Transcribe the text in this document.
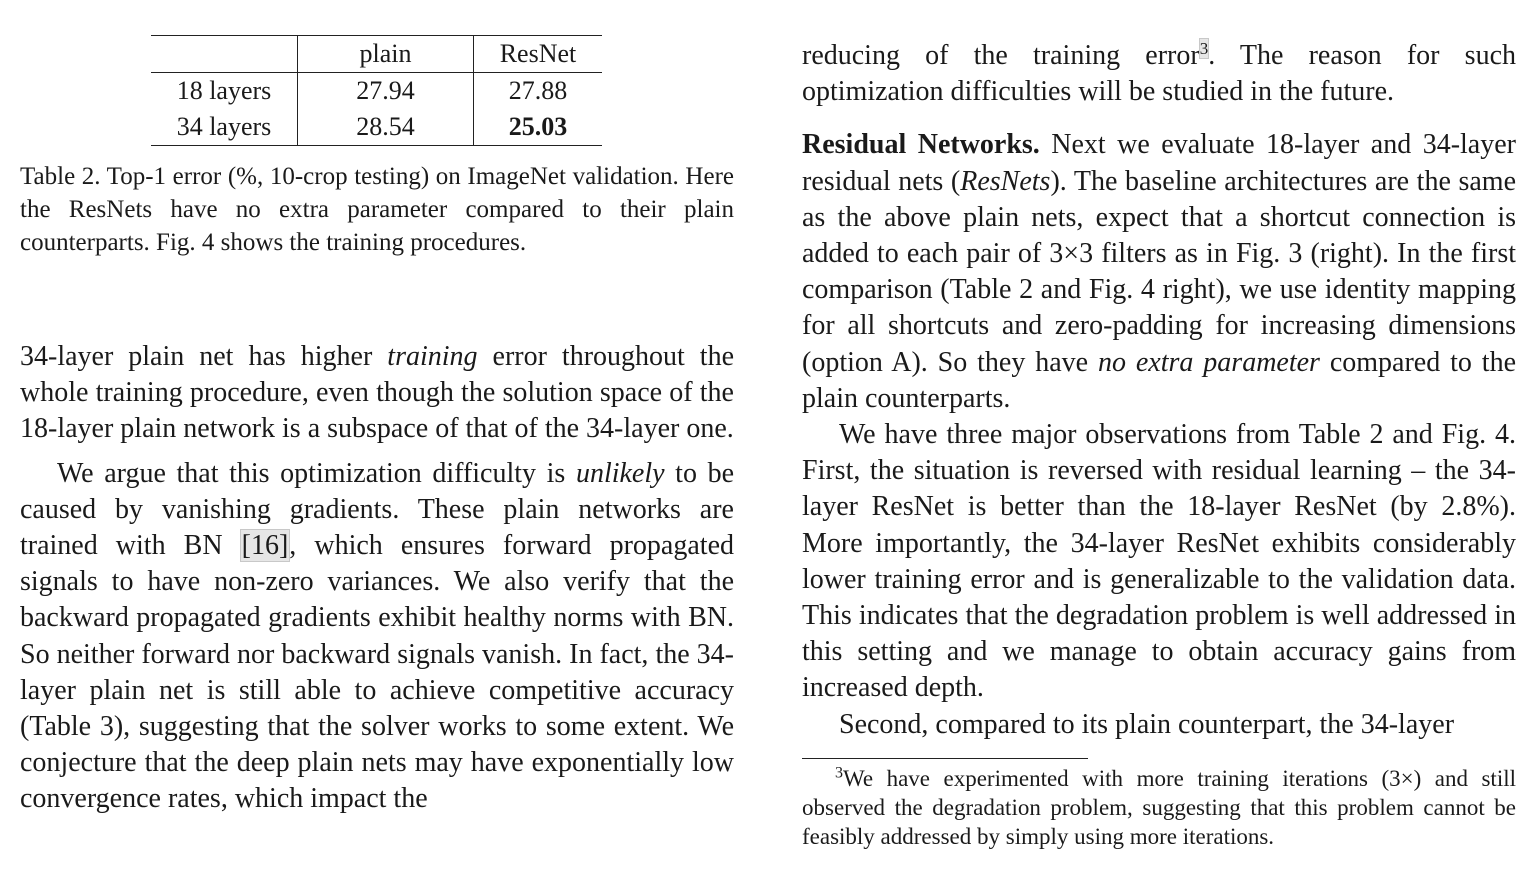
	plain	ResNet
18 layers	27.94	27.88
34 layers	28.54	25.03
Table 2. Top-1 error (%, 10-crop testing) on ImageNet validation. Here the ResNets have no extra parameter compared to their plain counterparts. Fig. 4 shows the training procedures.

34-layer plain net has higher training error throughout the whole training procedure, even though the solution space of the 18-layer plain network is a subspace of that of the 34-layer one.

We argue that this optimization difficulty is unlikely to be caused by vanishing gradients. These plain networks are trained with BN [16], which ensures forward propagated signals to have non-zero variances. We also verify that the backward propagated gradients exhibit healthy norms with BN. So neither forward nor backward signals vanish. In fact, the 34-layer plain net is still able to achieve competitive accuracy (Table 3), suggesting that the solver works to some extent. We conjecture that the deep plain nets may have exponentially low convergence rates, which impact the

reducing of the training error$^3$. The reason for such optimization difficulties will be studied in the future.

Residual Networks. Next we evaluate 18-layer and 34-layer residual nets (ResNets). The baseline architectures are the same as the above plain nets, expect that a shortcut connection is added to each pair of 3×3 filters as in Fig. 3 (right). In the first comparison (Table 2 and Fig. 4 right), we use identity mapping for all shortcuts and zero-padding for increasing dimensions (option A). So they have no extra parameter compared to the plain counterparts.

We have three major observations from Table 2 and Fig. 4. First, the situation is reversed with residual learning – the 34-layer ResNet is better than the 18-layer ResNet (by 2.8%). More importantly, the 34-layer ResNet exhibits considerably lower training error and is generalizable to the validation data. This indicates that the degradation problem is well addressed in this setting and we manage to obtain accuracy gains from increased depth.

Second, compared to its plain counterpart, the 34-layer

$^3$We have experimented with more training iterations (3×) and still observed the degradation problem, suggesting that this problem cannot be feasibly addressed by simply using more iterations.
